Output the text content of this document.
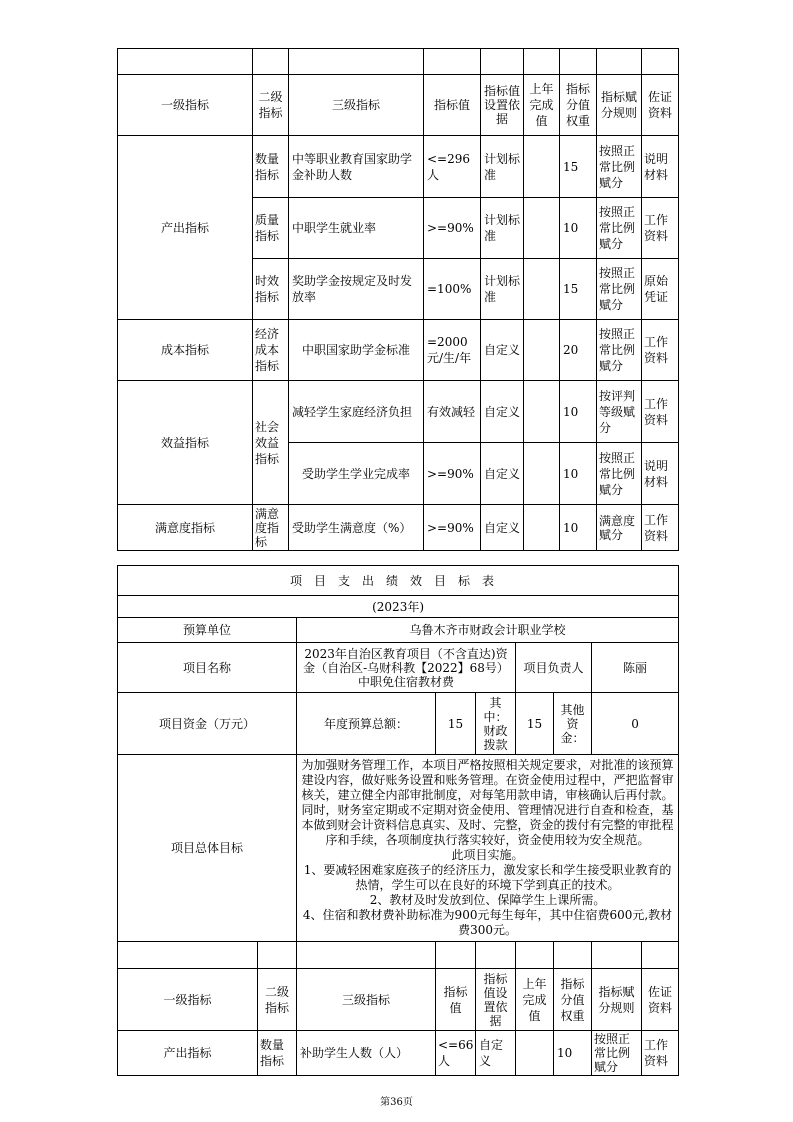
一级指标	二级指标	三级指标	指标值	指标值设置依据	上年完成值	指标分值权重	指标赋分规则	佐证资料
产出指标	数量指标	中等职业教育国家助学金补助人数	<=296人	计划标准		15	按照正常比例赋分	说明材料
	质量指标	中职学生就业率	>=90%	计划标准		10	按照正常比例赋分	工作资料
	时效指标	奖助学金按规定及时发放率	=100%	计划标准		15	按照正常比例赋分	原始凭证
成本指标	经济成本指标	中职国家助学金标准	=2000元/生/年	自定义		20	按照正常比例赋分	工作资料
效益指标	社会效益指标	减轻学生家庭经济负担	有效减轻	自定义		10	按评判等级赋分	工作资料
		受助学生学业完成率	>=90%	自定义		10	按照正常比例赋分	说明材料
满意度指标	满意度指标	受助学生满意度（%）	>=90%	自定义		10	满意度赋分	工作资料
项目支出绩效目标表								
(2023年)								
预算单位		乌鲁木齐市财政会计职业学校						
项目名称		2023年自治区教育项目（不含直达)资金（自治区-乌财科教【2022】68号）中职免住宿教材费			项目负责人		陈丽	
项目资金（万元）		年度预算总额：	15	其中：财政拨款	15	其他资金：	0	
项目总体目标		为加强财务管理工作，本项目严格按照相关规定要求，对批准的该预算建设内容，做好账务设置和账务管理。在资金使用过程中，严把监督审核关，建立健全内部审批制度，对每笔用款申请，审核确认后再付款。同时，财务室定期或不定期对资金使用、管理情况进行自查和检查，基本做到财会计资料信息真实、及时、完整，资金的拨付有完整的审批程序和手续，各项制度执行落实较好，资金使用较为安全规范。
此项目实施。
1、要减轻困难家庭孩子的经济压力，激发家长和学生接受职业教育的热情，学生可以在良好的环境下学到真正的技术。
2、教材及时发放到位、保障学生上课所需。
4、住宿和教材费补助标准为900元每生每年，其中住宿费600元,教材费300元。						

一级指标	二级指标	三级指标	指标值	指标值设置依据	上年完成值	指标分值权重	指标赋分规则	佐证资料
产出指标	数量指标	补助学生人数（人）	<=66人	自定义		10	按照正常比例赋分	工作资料
第36页
